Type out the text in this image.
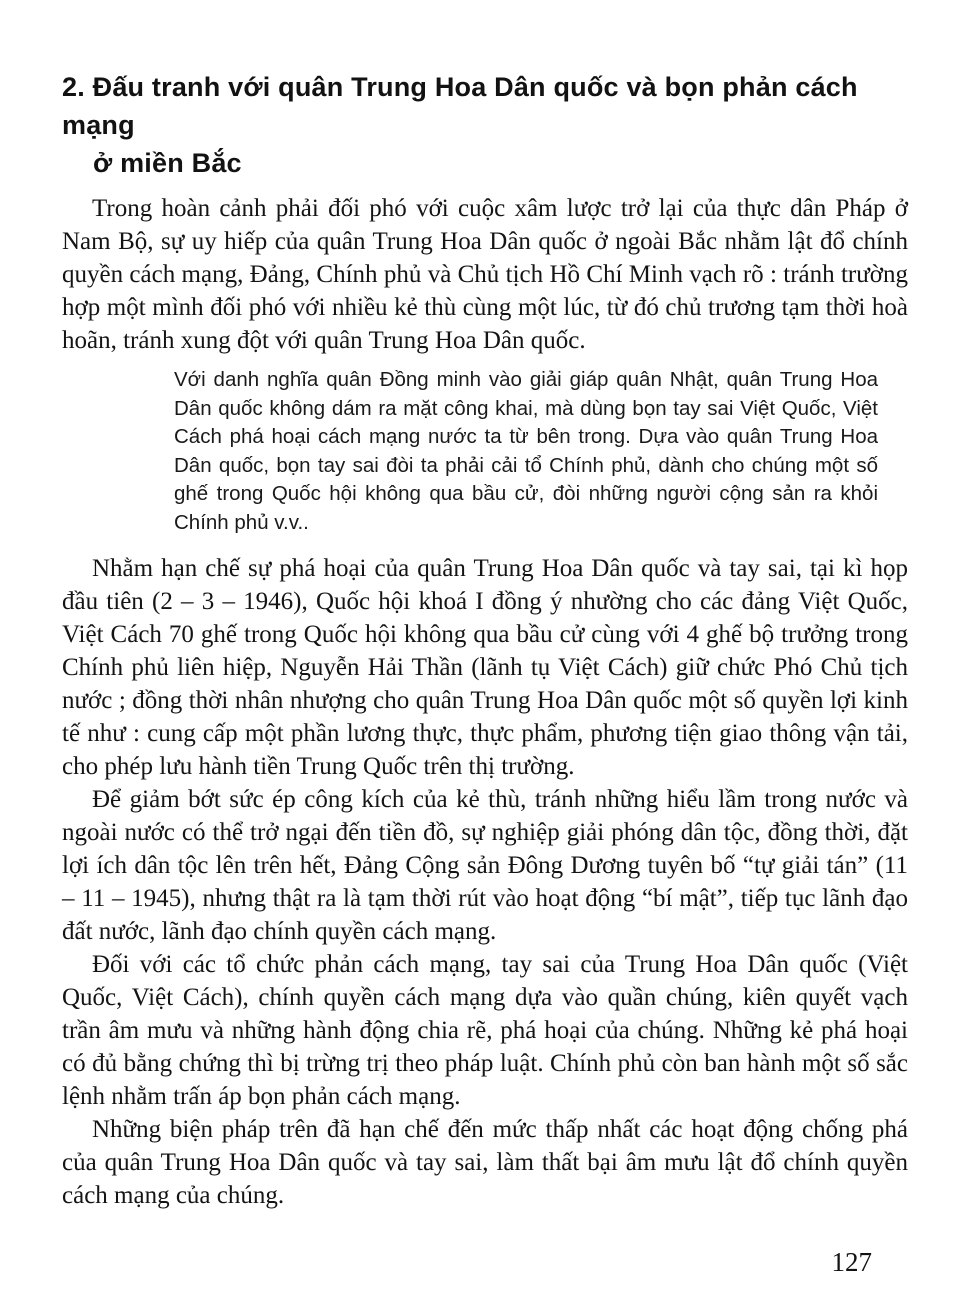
2. Đấu tranh với quân Trung Hoa Dân quốc và bọn phản cách mạng
ở miền Bắc

Trong hoàn cảnh phải đối phó với cuộc xâm lược trở lại của thực dân Pháp ở Nam Bộ, sự uy hiếp của quân Trung Hoa Dân quốc ở ngoài Bắc nhằm lật đổ chính quyền cách mạng, Đảng, Chính phủ và Chủ tịch Hồ Chí Minh vạch rõ : tránh trường hợp một mình đối phó với nhiều kẻ thù cùng một lúc, từ đó chủ trương tạm thời hoà hoãn, tránh xung đột với quân Trung Hoa Dân quốc.

Với danh nghĩa quân Đồng minh vào giải giáp quân Nhật, quân Trung Hoa Dân quốc không dám ra mặt công khai, mà dùng bọn tay sai Việt Quốc, Việt Cách phá hoại cách mạng nước ta từ bên trong. Dựa vào quân Trung Hoa Dân quốc, bọn tay sai đòi ta phải cải tổ Chính phủ, dành cho chúng một số ghế trong Quốc hội không qua bầu cử, đòi những người cộng sản ra khỏi Chính phủ v.v..

Nhằm hạn chế sự phá hoại của quân Trung Hoa Dân quốc và tay sai, tại kì họp đầu tiên (2 – 3 – 1946), Quốc hội khoá I đồng ý nhường cho các đảng Việt Quốc, Việt Cách 70 ghế trong Quốc hội không qua bầu cử cùng với 4 ghế bộ trưởng trong Chính phủ liên hiệp, Nguyễn Hải Thần (lãnh tụ Việt Cách) giữ chức Phó Chủ tịch nước ; đồng thời nhân nhượng cho quân Trung Hoa Dân quốc một số quyền lợi kinh tế như : cung cấp một phần lương thực, thực phẩm, phương tiện giao thông vận tải, cho phép lưu hành tiền Trung Quốc trên thị trường.

Để giảm bớt sức ép công kích của kẻ thù, tránh những hiểu lầm trong nước và ngoài nước có thể trở ngại đến tiền đồ, sự nghiệp giải phóng dân tộc, đồng thời, đặt lợi ích dân tộc lên trên hết, Đảng Cộng sản Đông Dương tuyên bố “tự giải tán” (11 – 11 – 1945), nhưng thật ra là tạm thời rút vào hoạt động “bí mật”, tiếp tục lãnh đạo đất nước, lãnh đạo chính quyền cách mạng.

Đối với các tổ chức phản cách mạng, tay sai của Trung Hoa Dân quốc (Việt Quốc, Việt Cách), chính quyền cách mạng dựa vào quần chúng, kiên quyết vạch trần âm mưu và những hành động chia rẽ, phá hoại của chúng. Những kẻ phá hoại có đủ bằng chứng thì bị trừng trị theo pháp luật. Chính phủ còn ban hành một số sắc lệnh nhằm trấn áp bọn phản cách mạng.

Những biện pháp trên đã hạn chế đến mức thấp nhất các hoạt động chống phá của quân Trung Hoa Dân quốc và tay sai, làm thất bại âm mưu lật đổ chính quyền cách mạng của chúng.

127
